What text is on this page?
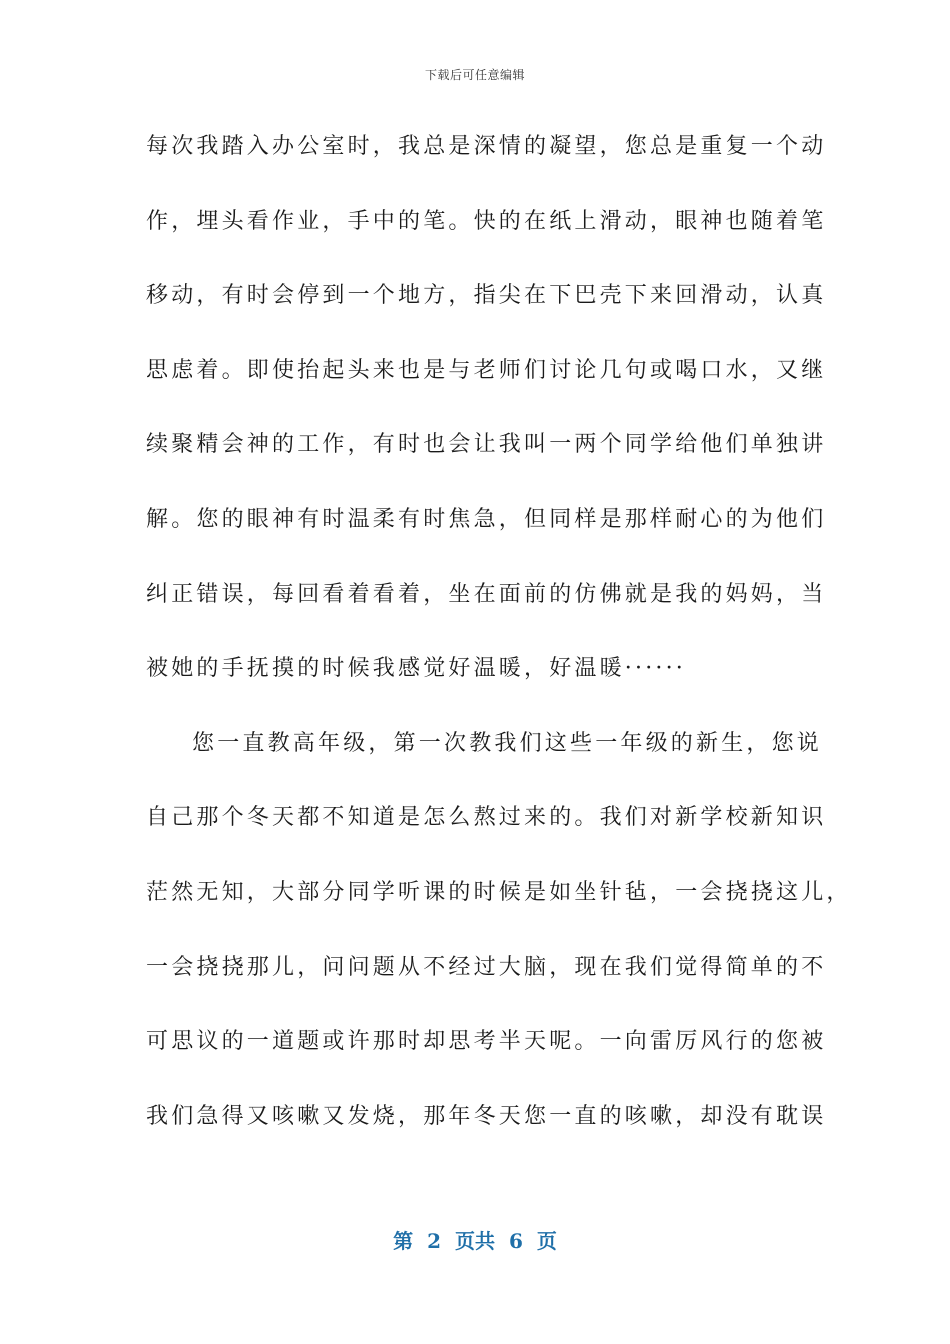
下载后可任意编辑
每次我踏入办公室时，我总是深情的凝望，您总是重复一个动
作，埋头看作业，手中的笔。快的在纸上滑动，眼神也随着笔
移动，有时会停到一个地方，指尖在下巴壳下来回滑动，认真
思虑着。即使抬起头来也是与老师们讨论几句或喝口水，又继
续聚精会神的工作，有时也会让我叫一两个同学给他们单独讲
解。您的眼神有时温柔有时焦急，但同样是那样耐心的为他们
纠正错误，每回看着看着，坐在面前的仿佛就是我的妈妈，当
被她的手抚摸的时候我感觉好温暖，好温暖······
您一直教高年级，第一次教我们这些一年级的新生，您说
自己那个冬天都不知道是怎么熬过来的。我们对新学校新知识
茫然无知，大部分同学听课的时候是如坐针毡，一会挠挠这儿，
一会挠挠那儿，问问题从不经过大脑，现在我们觉得简单的不
可思议的一道题或许那时却思考半天呢。一向雷厉风行的您被
我们急得又咳嗽又发烧，那年冬天您一直的咳嗽，却没有耽误
第 2 页共 6 页
